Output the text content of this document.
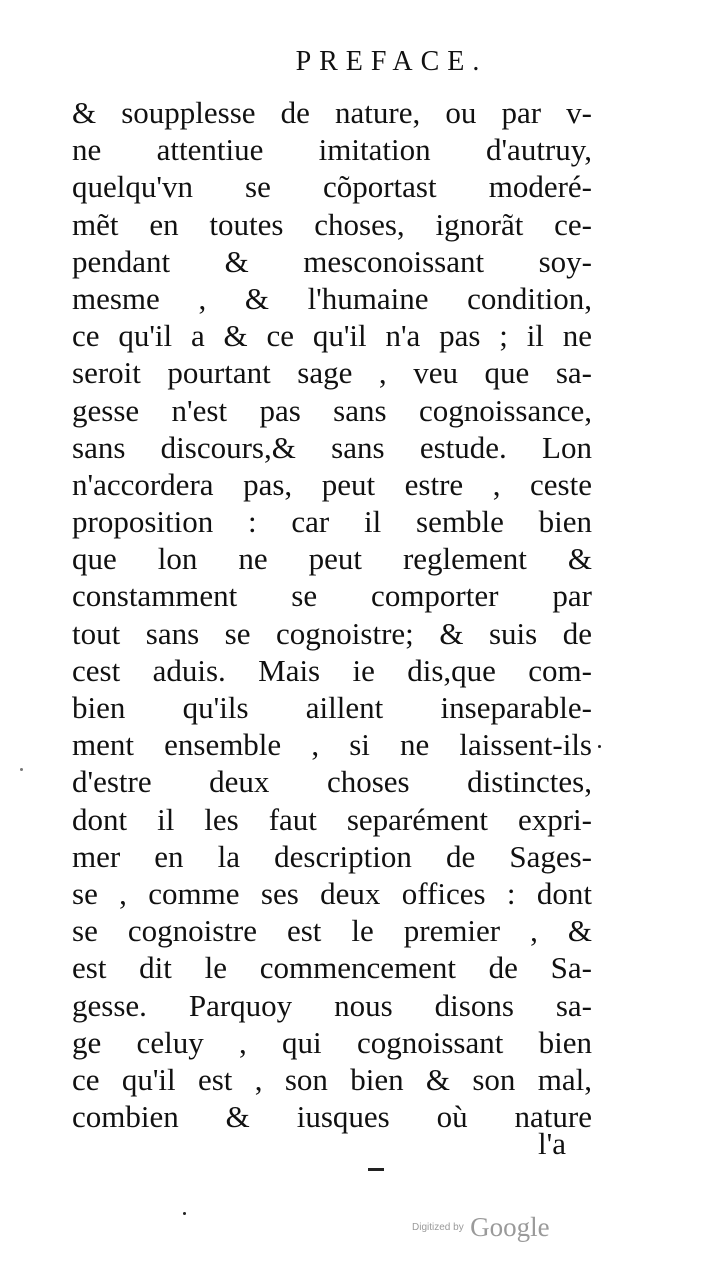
PREFACE.
& soupplesse de nature, ou par v-
ne attentiue imitation d'autruy,
quelqu'vn se cõportast moderé-
mẽt en toutes choses, ignorãt ce-
pendant & mesconoissant soy-
mesme , & l'humaine condition,
ce qu'il a & ce qu'il n'a pas ; il ne
seroit pourtant sage , veu que sa-
gesse n'est pas sans cognoissance,
sans discours,& sans estude. Lon
n'accordera pas, peut estre , ceste
proposition : car il semble bien
que lon ne peut reglement &
constamment se comporter par
tout sans se cognoistre; & suis de
cest aduis. Mais ie dis,que com-
bien qu'ils aillent inseparable-
ment ensemble , si ne laissent-ils
d'estre deux choses distinctes,
dont il les faut separément expri-
mer en la description de Sages-
se , comme ses deux offices : dont
se cognoistre est le premier , &
est dit le commencement de Sa-
gesse. Parquoy nous disons sa-
ge celuy , qui cognoissant bien
ce qu'il est , son bien & son mal,
combien & iusques où nature
l'a
Digitized by Google
